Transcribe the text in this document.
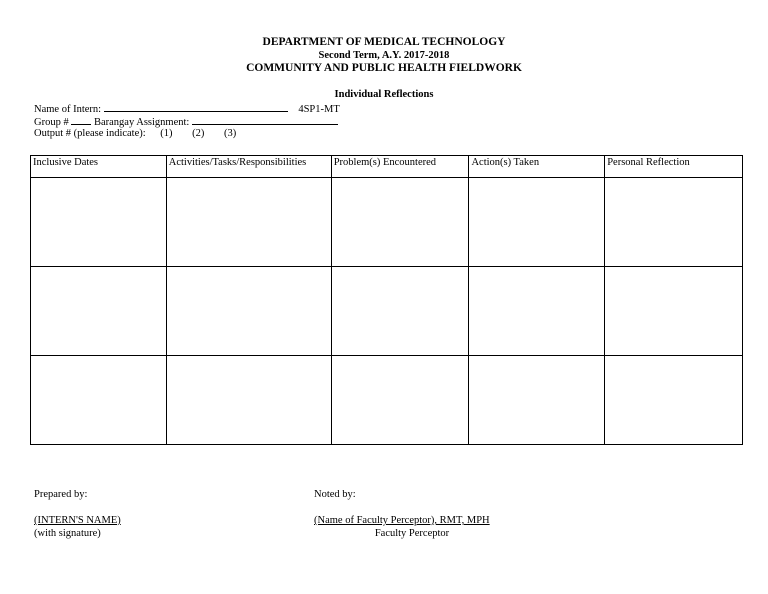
DEPARTMENT OF MEDICAL TECHNOLOGY
Second Term, A.Y. 2017-2018
COMMUNITY AND PUBLIC HEALTH FIELDWORK
Individual Reflections
Name of Intern:	4SP1-MT
Group # Barangay Assignment:
Output # (please indicate): (1) (2) (3)
Inclusive Dates	Activities/Tasks/Responsibilities	Problem(s) Encountered	Action(s) Taken	Personal Reflection

Prepared by:
(INTERN'S NAME)
(with signature)
Noted by:
(Name of Faculty Perceptor), RMT, MPH
Faculty Perceptor
